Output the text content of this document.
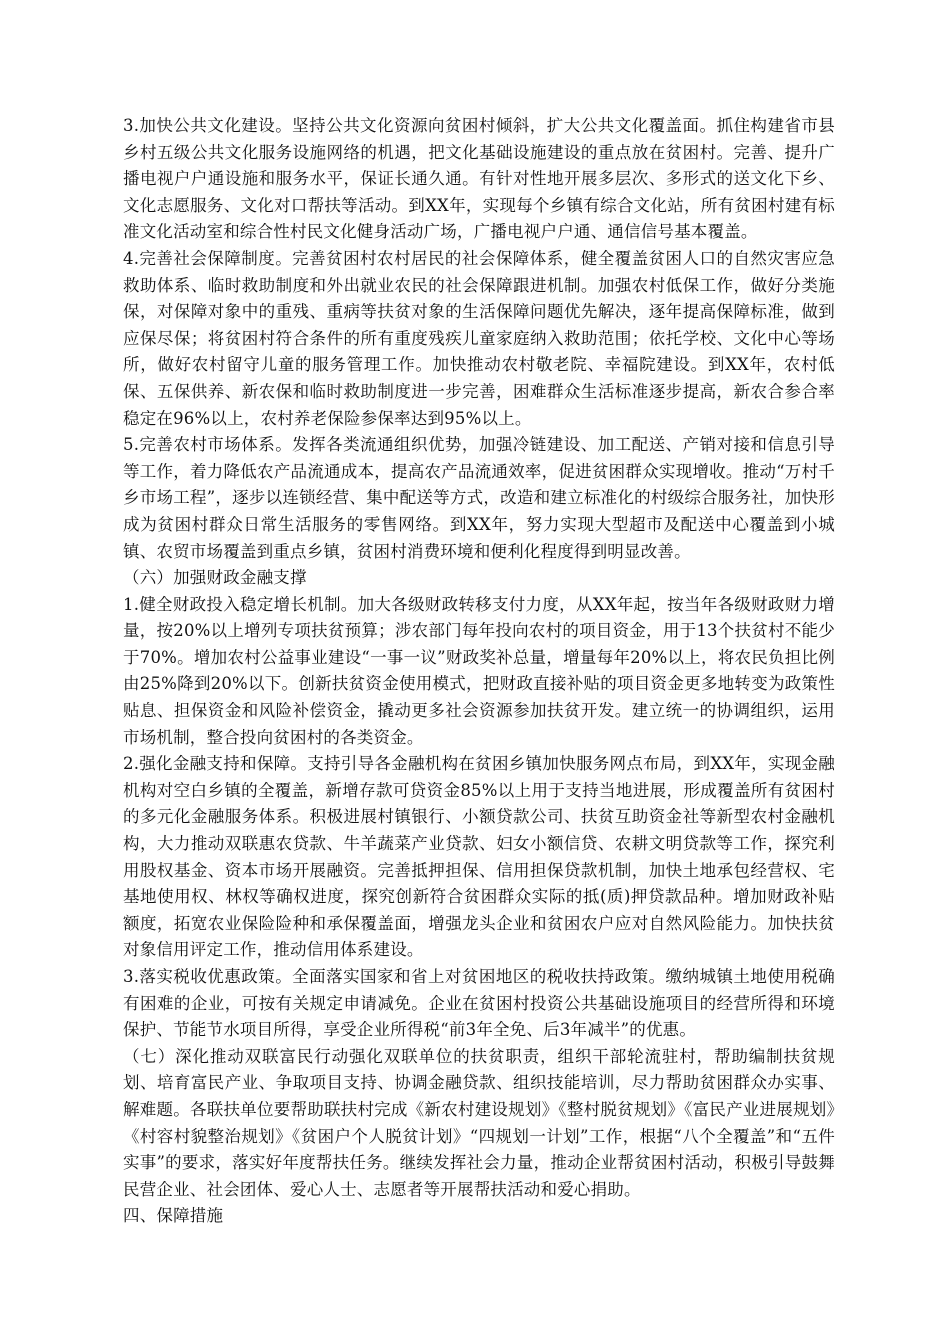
3.加快公共文化建设。坚持公共文化资源向贫困村倾斜，扩大公共文化覆盖面。抓住构建省市县乡村五级公共文化服务设施网络的机遇，把文化基础设施建设的重点放在贫困村。完善、提升广播电视户户通设施和服务水平，保证长通久通。有针对性地开展多层次、多形式的送文化下乡、文化志愿服务、文化对口帮扶等活动。到XX年，实现每个乡镇有综合文化站，所有贫困村建有标准文化活动室和综合性村民文化健身活动广场，广播电视户户通、通信信号基本覆盖。

4.完善社会保障制度。完善贫困村农村居民的社会保障体系，健全覆盖贫困人口的自然灾害应急救助体系、临时救助制度和外出就业农民的社会保障跟进机制。加强农村低保工作，做好分类施保，对保障对象中的重残、重病等扶贫对象的生活保障问题优先解决，逐年提高保障标准，做到应保尽保；将贫困村符合条件的所有重度残疾儿童家庭纳入救助范围；依托学校、文化中心等场所，做好农村留守儿童的服务管理工作。加快推动农村敬老院、幸福院建设。到XX年，农村低保、五保供养、新农保和临时救助制度进一步完善，困难群众生活标准逐步提高，新农合参合率稳定在96%以上，农村养老保险参保率达到95%以上。

5.完善农村市场体系。发挥各类流通组织优势，加强冷链建设、加工配送、产销对接和信息引导等工作，着力降低农产品流通成本，提高农产品流通效率，促进贫困群众实现增收。推动“万村千乡市场工程”，逐步以连锁经营、集中配送等方式，改造和建立标准化的村级综合服务社，加快形成为贫困村群众日常生活服务的零售网络。到XX年，努力实现大型超市及配送中心覆盖到小城镇、农贸市场覆盖到重点乡镇，贫困村消费环境和便利化程度得到明显改善。

（六）加强财政金融支撑

1.健全财政投入稳定增长机制。加大各级财政转移支付力度，从XX年起，按当年各级财政财力增量，按20%以上增列专项扶贫预算；涉农部门每年投向农村的项目资金，用于13个扶贫村不能少于70%。增加农村公益事业建设“一事一议”财政奖补总量，增量每年20%以上，将农民负担比例由25%降到20%以下。创新扶贫资金使用模式，把财政直接补贴的项目资金更多地转变为政策性贴息、担保资金和风险补偿资金，撬动更多社会资源参加扶贫开发。建立统一的协调组织，运用市场机制，整合投向贫困村的各类资金。

2.强化金融支持和保障。支持引导各金融机构在贫困乡镇加快服务网点布局，到XX年，实现金融机构对空白乡镇的全覆盖，新增存款可贷资金85%以上用于支持当地进展，形成覆盖所有贫困村的多元化金融服务体系。积极进展村镇银行、小额贷款公司、扶贫互助资金社等新型农村金融机构，大力推动双联惠农贷款、牛羊蔬菜产业贷款、妇女小额信贷、农耕文明贷款等工作，探究利用股权基金、资本市场开展融资。完善抵押担保、信用担保贷款机制，加快土地承包经营权、宅基地使用权、林权等确权进度，探究创新符合贫困群众实际的抵(质)押贷款品种。增加财政补贴额度，拓宽农业保险险种和承保覆盖面，增强龙头企业和贫困农户应对自然风险能力。加快扶贫对象信用评定工作，推动信用体系建设。

3.落实税收优惠政策。全面落实国家和省上对贫困地区的税收扶持政策。缴纳城镇土地使用税确有困难的企业，可按有关规定申请减免。企业在贫困村投资公共基础设施项目的经营所得和环境保护、节能节水项目所得，享受企业所得税“前3年全免、后3年减半”的优惠。

（七）深化推动双联富民行动强化双联单位的扶贫职责，组织干部轮流驻村，帮助编制扶贫规划、培育富民产业、争取项目支持、协调金融贷款、组织技能培训，尽力帮助贫困群众办实事、解难题。各联扶单位要帮助联扶村完成《新农村建设规划》《整村脱贫规划》《富民产业进展规划》《村容村貌整治规划》《贫困户个人脱贫计划》“四规划一计划”工作，根据“八个全覆盖”和“五件实事”的要求，落实好年度帮扶任务。继续发挥社会力量，推动企业帮贫困村活动，积极引导鼓舞民营企业、社会团体、爱心人士、志愿者等开展帮扶活动和爱心捐助。

四、保障措施
